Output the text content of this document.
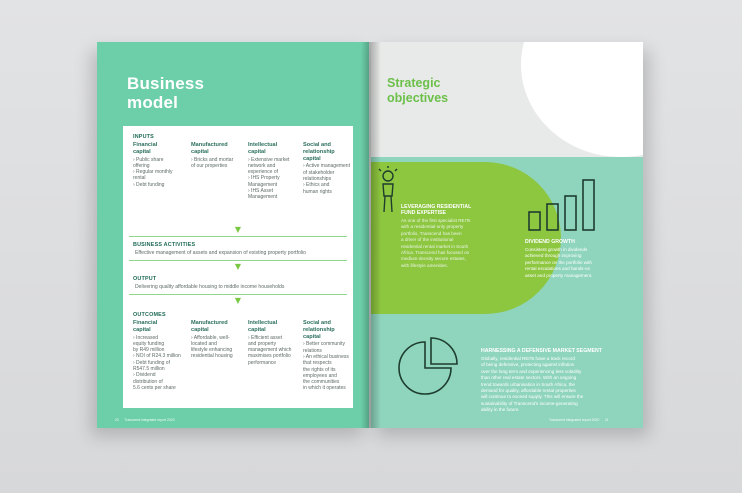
Business
model
INPUTS
Financial
capital
› Public share
offering
› Regular monthly
rental
› Debt funding
Manufactured
capital
› Bricks and mortar
of our properties
Intellectual
capital
› Extensive market
network and
experience of
› IHS Property
Management
› IHS Asset
Management
Social and
relationship capital
› Active management
of stakeholder
relationships
› Ethics and
human rights
▼
BUSINESS ACTIVITIES
Effective management of assets and expansion of existing property portfolio
▼
OUTPUT
Delivering quality affordable housing to middle income households
▼
OUTCOMES
Financial
capital
› Increased
equity funding
by R49 million
› NOI of R24.3 million
› Debt funding of
R547.5 million
› Dividend
distribution of
5.6 cents per share
Manufactured
capital
› Affordable, well-
located and
lifestyle enhancing
residential housing
Intellectual
capital
› Efficient asset
and property
management which
maximises portfolio
performance
Social and
relationship capital
› Better community
relations
› An ethical business
that respects
the rights of its
employees and
the communities
in which it operates
20 Transcend integrated report 2020
Strategic
objectives
LEVERAGING RESIDENTIAL
FUND EXPERTISE
As one of the first specialist REITs
with a residential-only property
portfolio, Transcend has been
a driver of the institutional
residential rental market in South
Africa. Transcend has focused on
medium-density secure estates,
with lifestyle amenities.
DIVIDEND GROWTH
Consistent growth in dividends
achieved through improving
performance on the portfolio with
rental escalations and hands-on
asset and property management.
HARNESSING A DEFENSIVE MARKET SEGMENT
Globally, residential REITs have a track record
of being defensive, protecting against inflation
over the long term and experiencing less volatility
than other real estate sectors. With an ongoing
trend towards urbanisation in South Africa, the
demand for quality, affordable rental properties
will continue to exceed supply. This will ensure the
sustainability of Transcend's income-generating
ability in the future.
Transcend integrated report 2020 21
